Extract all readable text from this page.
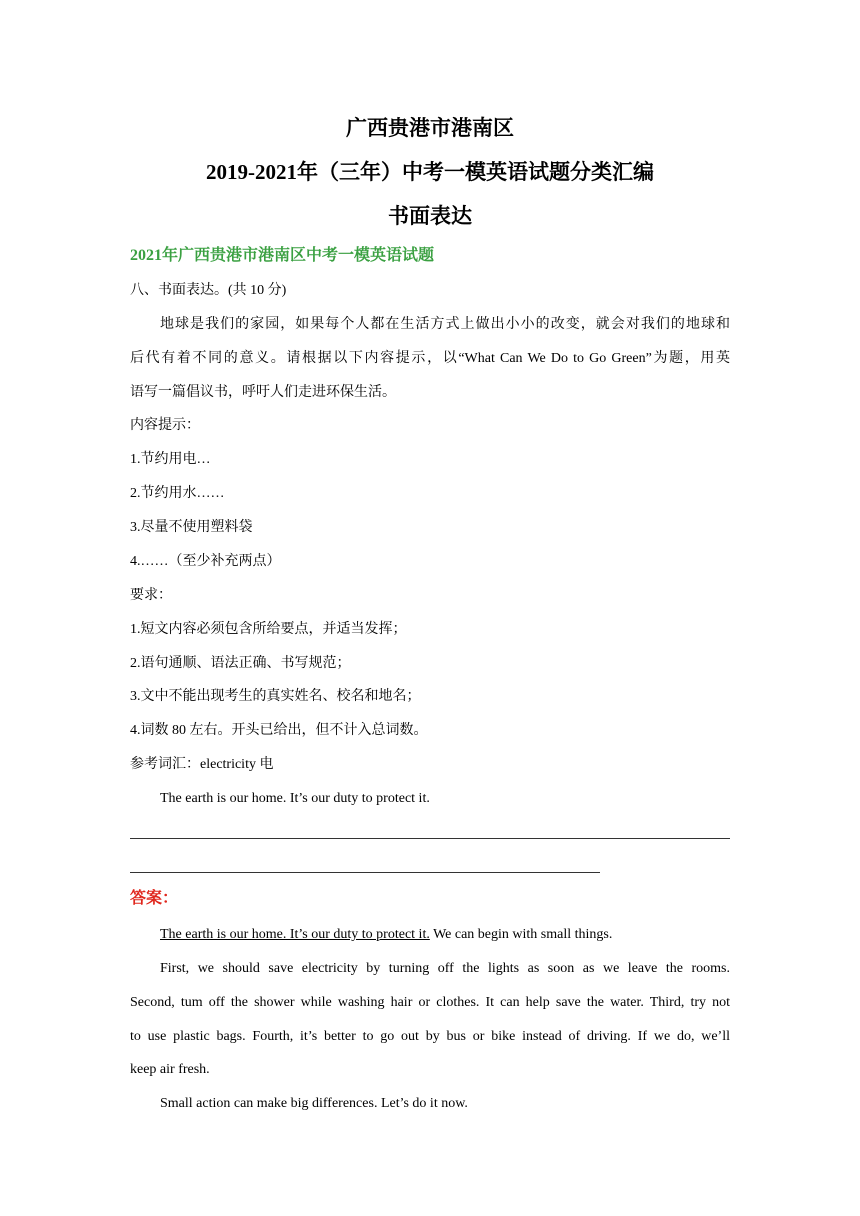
广西贵港市港南区
2019-2021年（三年）中考一模英语试题分类汇编
书面表达
2021年广西贵港市港南区中考一模英语试题
八、书面表达。(共 10 分)
地球是我们的家园，如果每个人都在生活方式上做出小小的改变，就会对我们的地球和
后代有着不同的意义。请根据以下内容提示，以“What Can We Do to Go Green”为题，用英
语写一篇倡议书，呼吁人们走进环保生活。
内容提示：
1.节约用电…
2.节约用水……
3.尽量不使用塑料袋
4.……（至少补充两点）
要求：
1.短文内容必须包含所给要点，并适当发挥；
2.语句通顺、语法正确、书写规范；
3.文中不能出现考生的真实姓名、校名和地名；
4.词数 80 左右。开头已给出，但不计入总词数。
参考词汇：electricity 电
The earth is our home. It’s our duty to protect it.
答案：
The earth is our home. It’s our duty to protect it. We can begin with small things.
First, we should save electricity by turning off the lights as soon as we leave the rooms.
Second, tum off the shower while washing hair or clothes. It can help save the water. Third, try not
to use plastic bags. Fourth, it’s better to go out by bus or bike instead of driving. If we do, we’ll
keep air fresh.
Small action can make big differences. Let’s do it now.
